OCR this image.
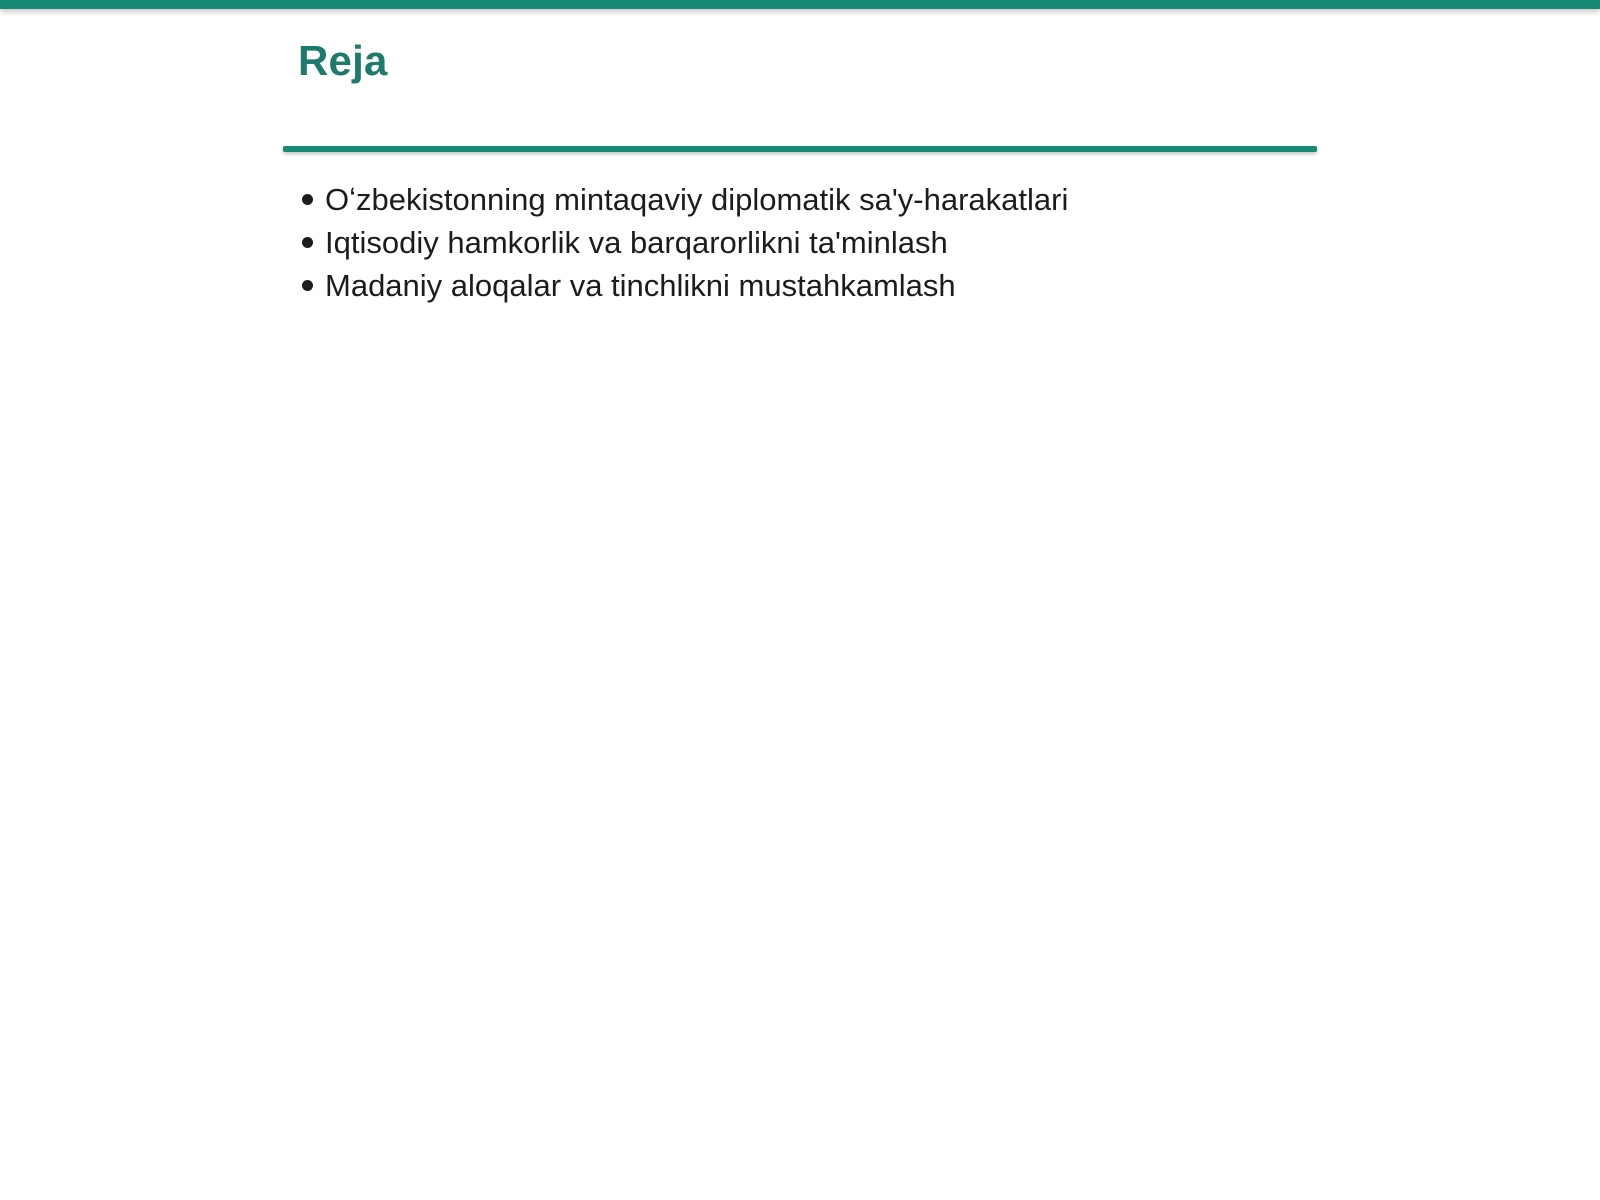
Reja
Oʻzbekistonning mintaqaviy diplomatik sa'y-harakatlari
Iqtisodiy hamkorlik va barqarorlikni ta'minlash
Madaniy aloqalar va tinchlikni mustahkamlash
